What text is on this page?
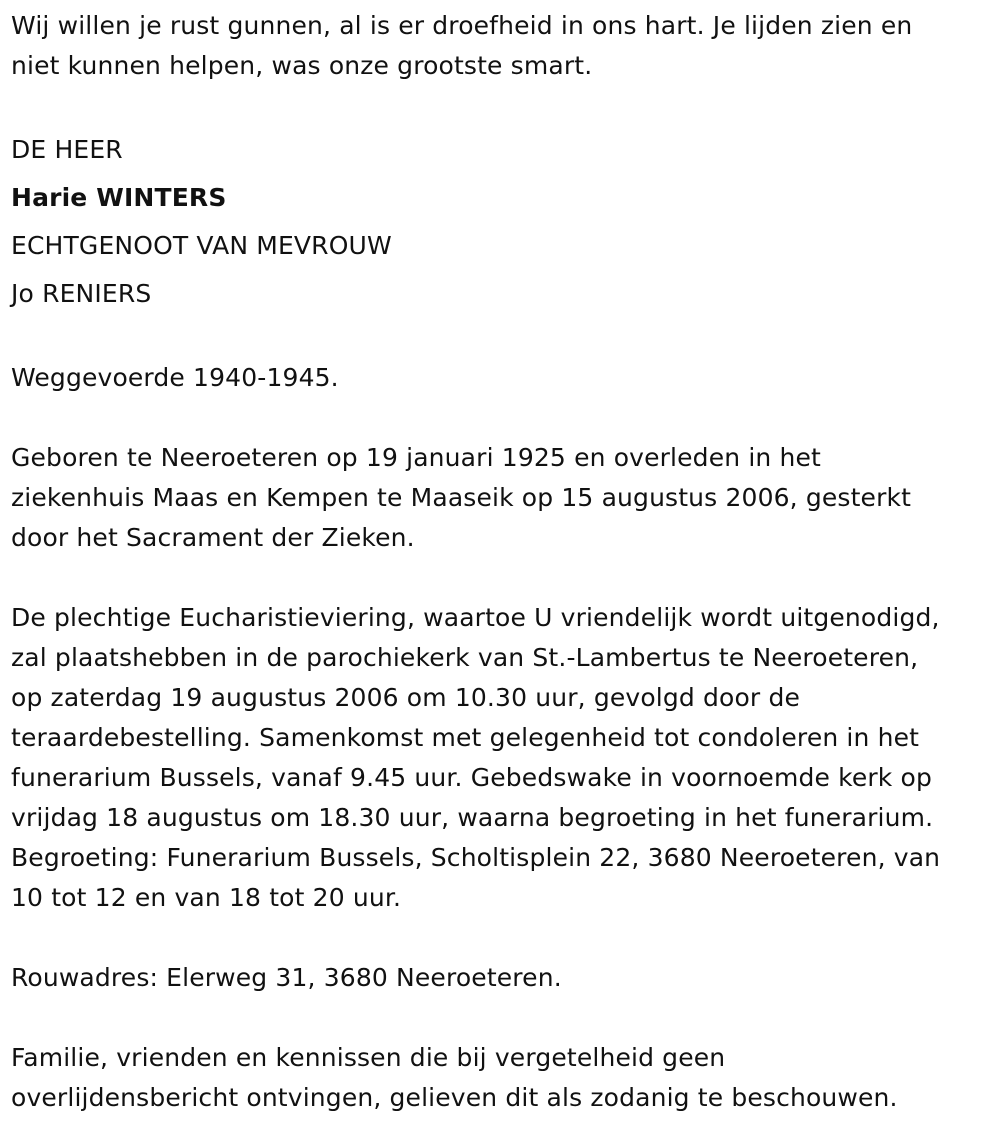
Wij willen je rust gunnen, al is er droefheid in ons hart. Je lijden zien en
niet kunnen helpen, was onze grootste smart.

DE HEER

Harie WINTERS

ECHTGENOOT VAN MEVROUW

Jo RENIERS

Weggevoerde 1940-1945.

Geboren te Neeroeteren op 19 januari 1925 en overleden in het
ziekenhuis Maas en Kempen te Maaseik op 15 augustus 2006, gesterkt
door het Sacrament der Zieken.

De plechtige Eucharistieviering, waartoe U vriendelijk wordt uitgenodigd,
zal plaatshebben in de parochiekerk van St.-Lambertus te Neeroeteren,
op zaterdag 19 augustus 2006 om 10.30 uur, gevolgd door de
teraardebestelling. Samenkomst met gelegenheid tot condoleren in het
funerarium Bussels, vanaf 9.45 uur. Gebedswake in voornoemde kerk op
vrijdag 18 augustus om 18.30 uur, waarna begroeting in het funerarium.
Begroeting: Funerarium Bussels, Scholtisplein 22, 3680 Neeroeteren, van
10 tot 12 en van 18 tot 20 uur.

Rouwadres: Elerweg 31, 3680 Neeroeteren.

Familie, vrienden en kennissen die bij vergetelheid geen
overlijdensbericht ontvingen, gelieven dit als zodanig te beschouwen.
